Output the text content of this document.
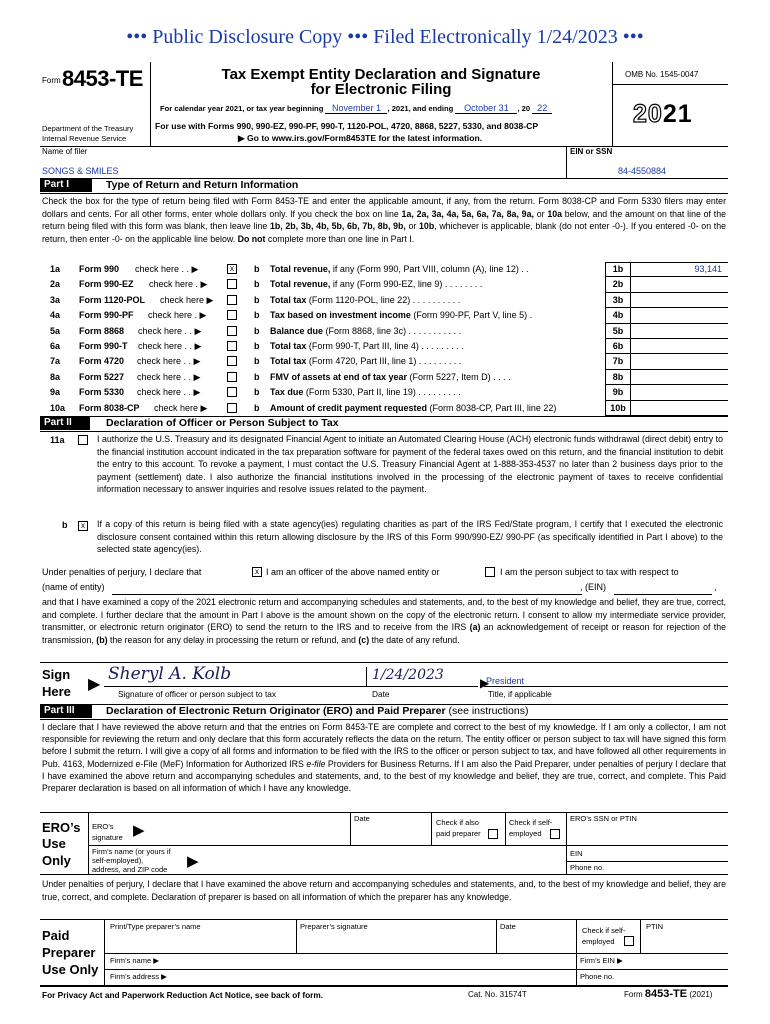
••• Public Disclosure Copy ••• Filed Electronically 1/24/2023 •••
Form 8453-TE
Department of the Treasury
Internal Revenue Service
Tax Exempt Entity Declaration and Signature
for Electronic Filing
For calendar year 2021, or tax year beginning November 1 , 2021, and ending October 31 , 20 22
For use with Forms 990, 990-EZ, 990-PF, 990-T, 1120-POL, 4720, 8868, 5227, 5330, and 8038-CP
▶ Go to www.irs.gov/Form8453TE for the latest information.
OMB No. 1545-0047
2021
Name of filer	EIN or SSN
SONGS & SMILES	84-4550884
Part I	Type of Return and Return Information
Check the box for the type of return being filed with Form 8453-TE and enter the applicable amount, if any, from the return. Form 8038-CP and Form 5330 filers may enter dollars and cents. For all other forms, enter whole dollars only. If you check the box on line 1a, 2a, 3a, 4a, 5a, 6a, 7a, 8a, 9a, or 10a below, and the amount on that line of the return being filed with this form was blank, then leave line 1b, 2b, 3b, 4b, 5b, 6b, 7b, 8b, 9b, or 10b, whichever is applicable, blank (do not enter -0-). If you entered -0- on the return, then enter -0- on the applicable line below. Do not complete more than one line in Part I.
1a Form 990 check here . . ▶	x	b Total revenue, if any (Form 990, Part VIII, column (A), line 12) . .	1b	93,141
2a Form 990-EZ check here . ▶	b Total revenue, if any (Form 990-EZ, line 9) . . . . . . . .	2b
3a Form 1120-POL check here ▶	b Total tax (Form 1120-POL, line 22) . . . . . . . . . .	3b
4a Form 990-PF check here . ▶	b Tax based on investment income (Form 990-PF, Part V, line 5) .	4b
5a Form 8868 check here . . ▶	b Balance due (Form 8868, line 3c) . . . . . . . . . . .	5b
6a Form 990-T check here . . ▶	b Total tax (Form 990-T, Part III, line 4) . . . . . . . . .	6b
7a Form 4720 check here . . ▶	b Total tax (Form 4720, Part III, line 1) . . . . . . . . .	7b
8a Form 5227 check here . . ▶	b FMV of assets at end of tax year (Form 5227, Item D) . . . .	8b
9a Form 5330 check here . . ▶	b Tax due (Form 5330, Part II, line 19) . . . . . . . . .	9b
10a Form 8038-CP check here ▶	b Amount of credit payment requested (Form 8038-CP, Part III, line 22)	10b
Part II	Declaration of Officer or Person Subject to Tax
11a	I authorize the U.S. Treasury and its designated Financial Agent to initiate an Automated Clearing House (ACH) electronic funds withdrawal (direct debit) entry to the financial institution account indicated in the tax preparation software for payment of the federal taxes owed on this return, and the financial institution to debit the entry to this account. To revoke a payment, I must contact the U.S. Treasury Financial Agent at 1-888-353-4537 no later than 2 business days prior to the payment (settlement) date. I also authorize the financial institutions involved in the processing of the electronic payment of taxes to receive confidential information necessary to answer inquiries and resolve issues related to the payment.
b	x	If a copy of this return is being filed with a state agency(ies) regulating charities as part of the IRS Fed/State program, I certify that I executed the electronic disclosure consent contained within this return allowing disclosure by the IRS of this Form 990/990-EZ/ 990-PF (as specifically identified in Part I above) to the selected state agency(ies).
Under penalties of perjury, I declare that	x I am an officer of the above named entity or	I am the person subject to tax with respect to
(name of entity)	, (EIN)	,
and that I have examined a copy of the 2021 electronic return and accompanying schedules and statements, and, to the best of my knowledge and belief, they are true, correct, and complete. I further declare that the amount in Part I above is the amount shown on the copy of the electronic return. I consent to allow my intermediate service provider, transmitter, or electronic return originator (ERO) to send the return to the IRS and to receive from the IRS (a) an acknowledgement of receipt or reason for rejection of the transmission, (b) the reason for any delay in processing the return or refund, and (c) the date of any refund.
Sign
Here ▶
Sheryl A. Kolb	1/24/2023	▶
President
Signature of officer or person subject to tax	Date	Title, if applicable
Part III	Declaration of Electronic Return Originator (ERO) and Paid Preparer (see instructions)
I declare that I have reviewed the above return and that the entries on Form 8453-TE are complete and correct to the best of my knowledge. If I am only a collector, I am not responsible for reviewing the return and only declare that this form accurately reflects the data on the return. The entity officer or person subject to tax will have signed this form before I submit the return. I will give a copy of all forms and information to be filed with the IRS to the officer or person subject to tax, and have followed all other requirements in Pub. 4163, Modernized e-File (MeF) Information for Authorized IRS e-file Providers for Business Returns. If I am also the Paid Preparer, under penalties of perjury I declare that I have examined the above return and accompanying schedules and statements, and, to the best of my knowledge and belief, they are true, correct, and complete. This Paid Preparer declaration is based on all information of which I have any knowledge.
ERO’s
Use
Only
ERO’s
signature ▶
Date	Check if also
paid preparer
Check if self-
employed
ERO’s SSN or PTIN
Firm’s name (or yours if
self-employed),
address, and ZIP code ▶	EIN
Phone no.
Under penalties of perjury, I declare that I have examined the above return and accompanying schedules and statements, and, to the best of my knowledge and belief, they are true, correct, and complete. Declaration of preparer is based on all information of which the preparer has any knowledge.
Paid
Preparer
Use Only
Print/Type preparer’s name	Preparer’s signature	Date	Check if self-
employed
PTIN
Firm’s name ▶	Firm’s EIN ▶
Firm’s address ▶	Phone no.
For Privacy Act and Paperwork Reduction Act Notice, see back of form.	Cat. No. 31574T	Form 8453-TE (2021)
